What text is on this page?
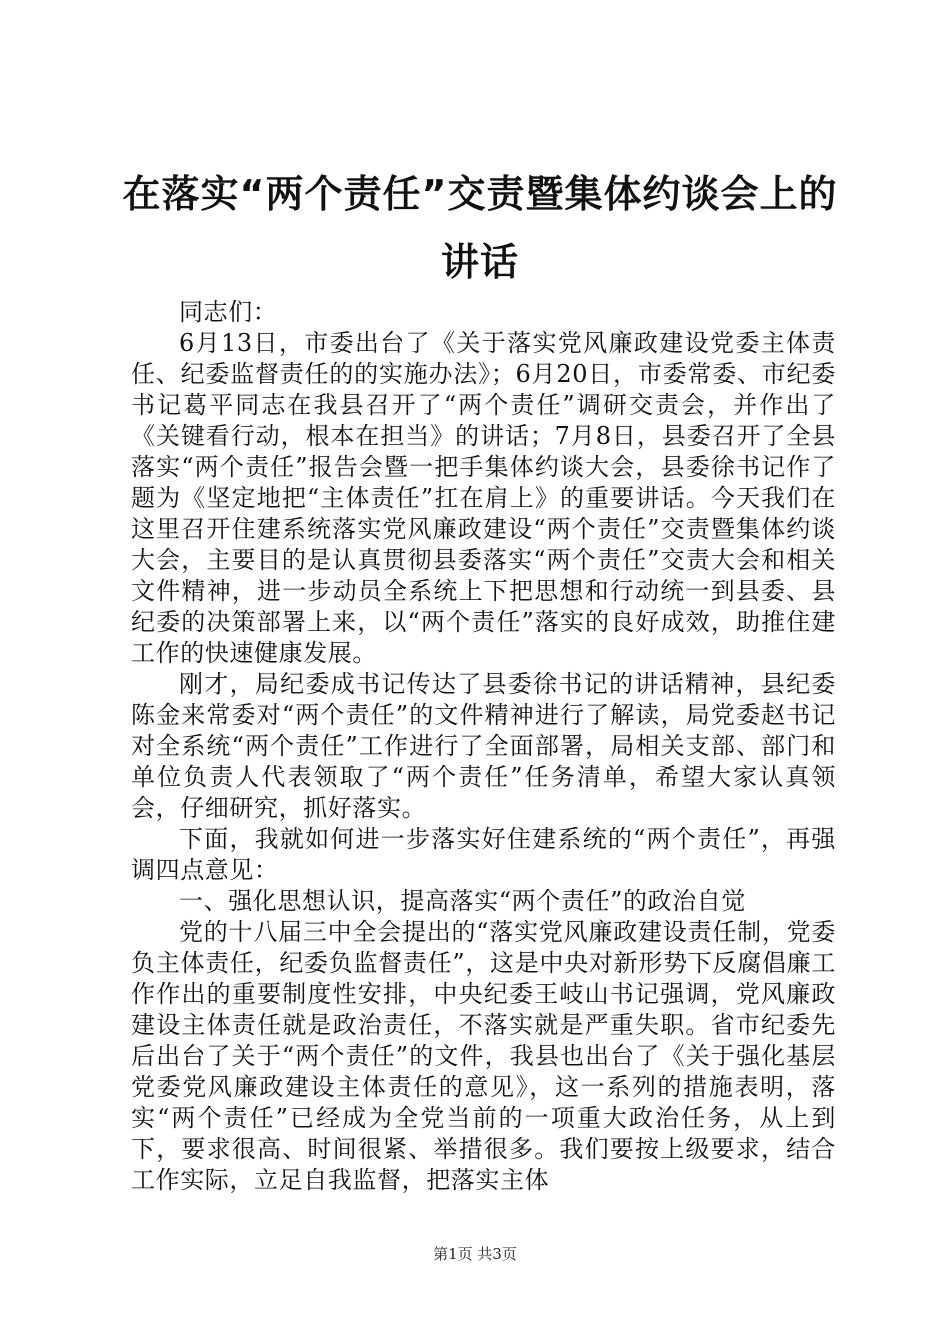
在落实“两个责任”交责暨集体约谈会上的讲话

同志们：

6月13日，市委出台了《关于落实党风廉政建设党委主体责任、纪委监督责任的的实施办法》；6月20日，市委常委、市纪委书记葛平同志在我县召开了“两个责任”调研交责会，并作出了《关键看行动，根本在担当》的讲话；7月8日，县委召开了全县落实“两个责任”报告会暨一把手集体约谈大会，县委徐书记作了题为《坚定地把“主体责任”扛在肩上》的重要讲话。今天我们在这里召开住建系统落实党风廉政建设“两个责任”交责暨集体约谈大会，主要目的是认真贯彻县委落实“两个责任”交责大会和相关文件精神，进一步动员全系统上下把思想和行动统一到县委、县纪委的决策部署上来，以“两个责任”落实的良好成效，助推住建工作的快速健康发展。

刚才，局纪委成书记传达了县委徐书记的讲话精神，县纪委陈金来常委对“两个责任”的文件精神进行了解读，局党委赵书记对全系统“两个责任”工作进行了全面部署，局相关支部、部门和单位负责人代表领取了“两个责任”任务清单，希望大家认真领会，仔细研究，抓好落实。

下面，我就如何进一步落实好住建系统的“两个责任”，再强调四点意见：

一、强化思想认识，提高落实“两个责任”的政治自觉

党的十八届三中全会提出的“落实党风廉政建设责任制，党委负主体责任，纪委负监督责任”，这是中央对新形势下反腐倡廉工作作出的重要制度性安排，中央纪委王岐山书记强调，党风廉政建设主体责任就是政治责任，不落实就是严重失职。省市纪委先后出台了关于“两个责任”的文件，我县也出台了《关于强化基层党委党风廉政建设主体责任的意见》，这一系列的措施表明，落实“两个责任”已经成为全党当前的一项重大政治任务，从上到下，要求很高、时间很紧、举措很多。我们要按上级要求，结合工作实际，立足自我监督，把落实主体

第1页 共3页
